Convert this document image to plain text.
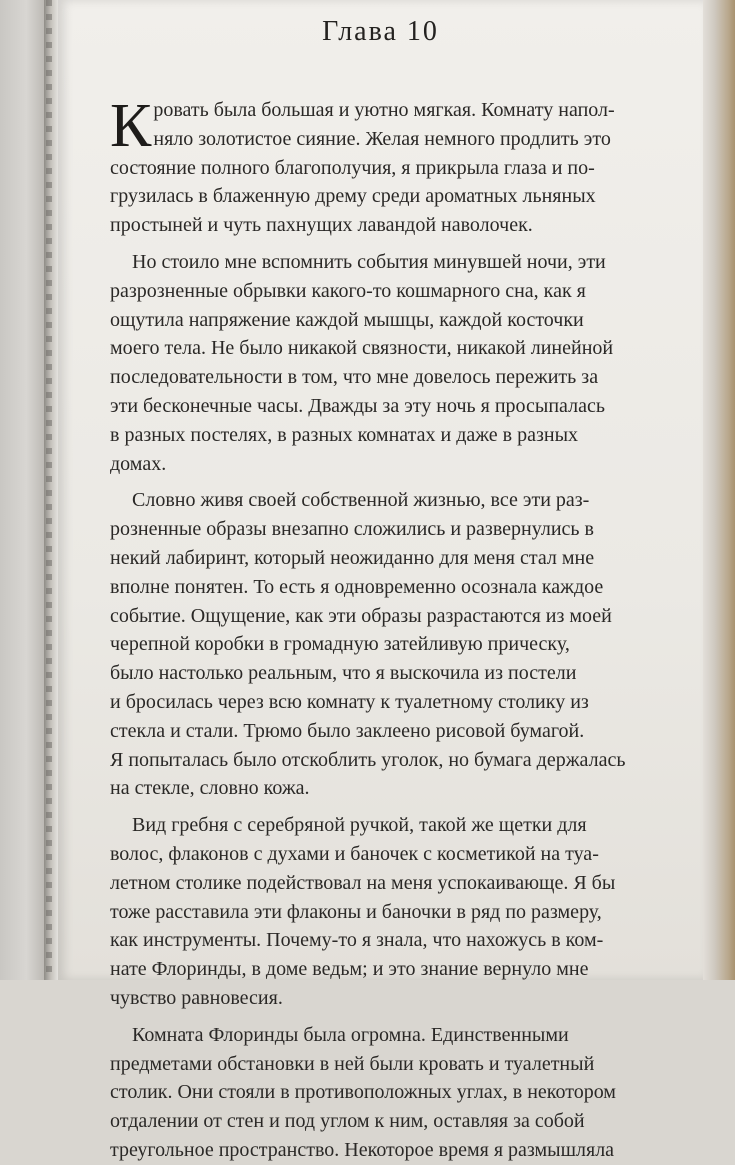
Глава 10
К ровать была большая и уютно мягкая. Комнату напол-
няло золотистое сияние. Желая немного продлить это
состояние полного благополучия, я прикрыла глаза и по-
грузилась в блаженную дрему среди ароматных льняных
простыней и чуть пахнущих лавандой наволочек.
Но стоило мне вспомнить события минувшей ночи, эти
разрозненные обрывки какого-то кошмарного сна, как я
ощутила напряжение каждой мышцы, каждой косточки
моего тела. Не было никакой связности, никакой линейной
последовательности в том, что мне довелось пережить за
эти бесконечные часы. Дважды за эту ночь я просыпалась
в разных постелях, в разных комнатах и даже в разных
домах.
Словно живя своей собственной жизнью, все эти раз-
розненные образы внезапно сложились и развернулись в
некий лабиринт, который неожиданно для меня стал мне
вполне понятен. То есть я одновременно осознала каждое
событие. Ощущение, как эти образы разрастаются из моей
черепной коробки в громадную затейливую прическу,
было настолько реальным, что я выскочила из постели
и бросилась через всю комнату к туалетному столику из
стекла и стали. Трюмо было заклеено рисовой бумагой.
Я попыталась было отскоблить уголок, но бумага держалась
на стекле, словно кожа.
Вид гребня с серебряной ручкой, такой же щетки для
волос, флаконов с духами и баночек с косметикой на туа-
летном столике подействовал на меня успокаивающе. Я бы
тоже расставила эти флаконы и баночки в ряд по размеру,
как инструменты. Почему-то я знала, что нахожусь в ком-
нате Флоринды, в доме ведьм; и это знание вернуло мне
чувство равновесия.
Комната Флоринды была огромна. Единственными
предметами обстановки в ней были кровать и туалетный
столик. Они стояли в противоположных углах, в некотором
отдалении от стен и под углом к ним, оставляя за собой
треугольное пространство. Некоторое время я размышляла
